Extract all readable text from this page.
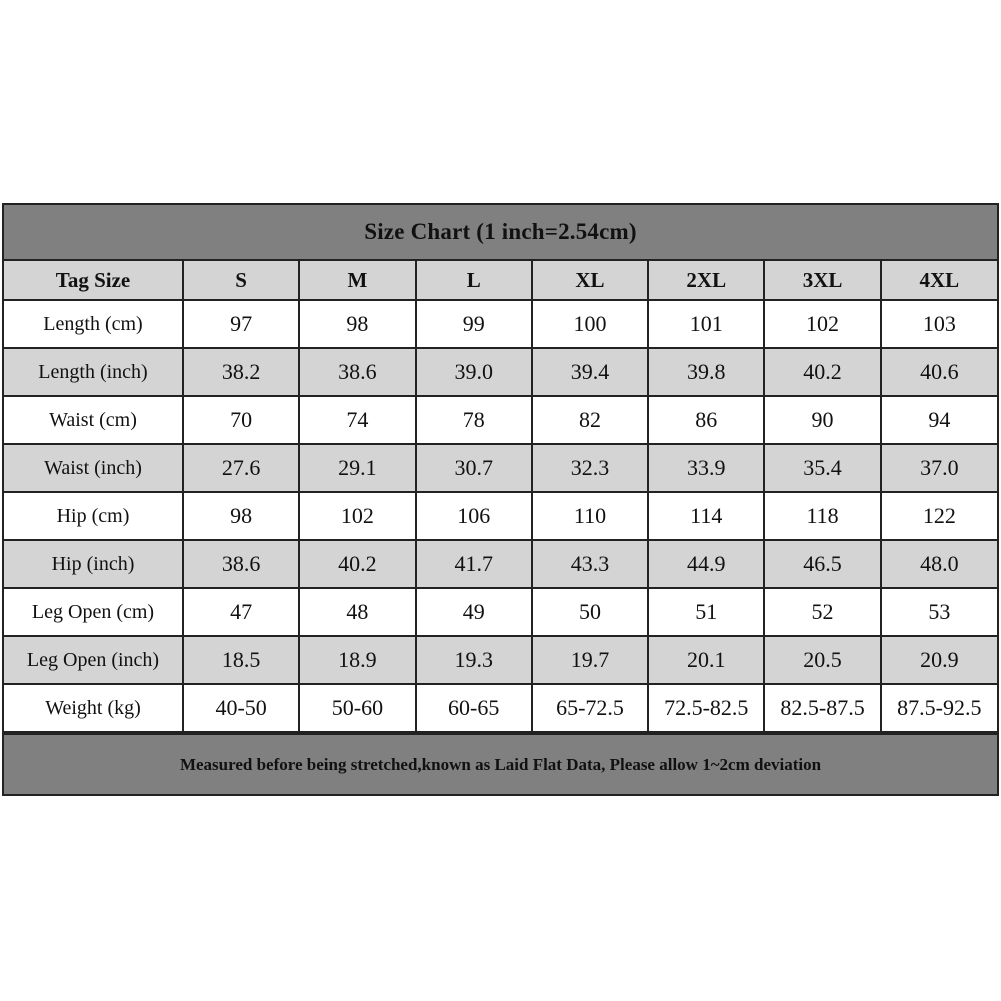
Size Chart (1 inch=2.54cm)
Tag Size	S	M	L	XL	2XL	3XL	4XL
Length (cm)	97	98	99	100	101	102	103
Length (inch)	38.2	38.6	39.0	39.4	39.8	40.2	40.6
Waist (cm)	70	74	78	82	86	90	94
Waist (inch)	27.6	29.1	30.7	32.3	33.9	35.4	37.0
Hip (cm)	98	102	106	110	114	118	122
Hip (inch)	38.6	40.2	41.7	43.3	44.9	46.5	48.0
Leg Open (cm)	47	48	49	50	51	52	53
Leg Open (inch)	18.5	18.9	19.3	19.7	20.1	20.5	20.9
Weight (kg)	40-50	50-60	60-65	65-72.5	72.5-82.5	82.5-87.5	87.5-92.5
Measured before being stretched,known as Laid Flat Data, Please allow 1~2cm deviation
